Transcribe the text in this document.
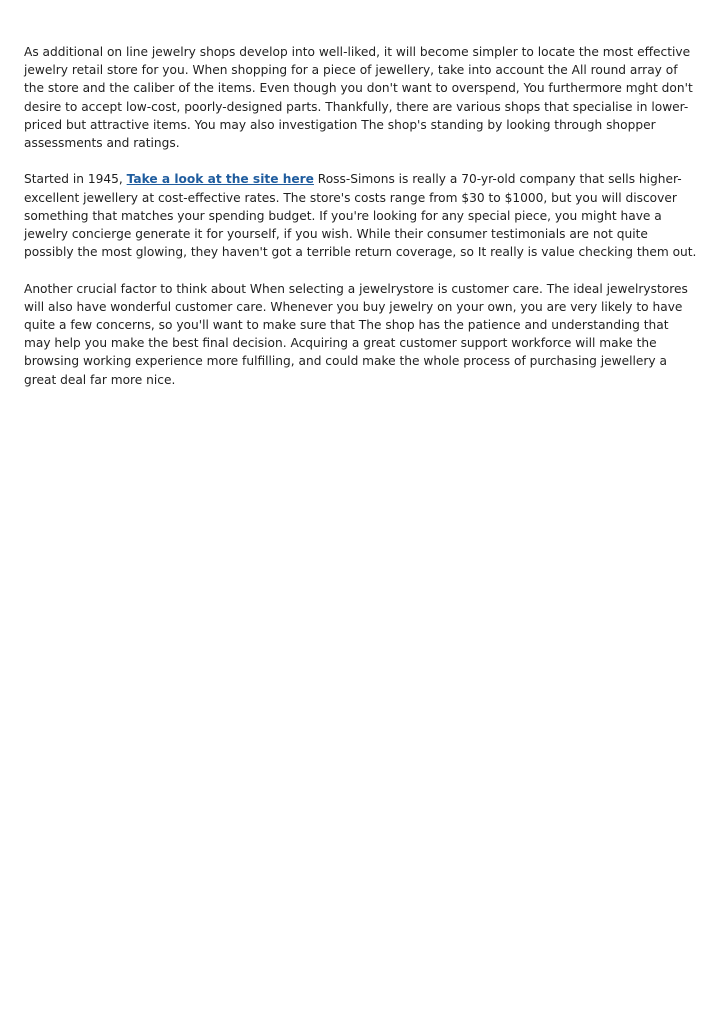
As additional on line jewelry shops develop into well-liked, it will become simpler to locate the most effective jewelry retail store for you. When shopping for a piece of jewellery, take into account the All round array of the store and the caliber of the items. Even though you don't want to overspend, You furthermore mght don't desire to accept low-cost, poorly-designed parts. Thankfully, there are various shops that specialise in lower-priced but attractive items. You may also investigation The shop's standing by looking through shopper assessments and ratings.

Started in 1945, Take a look at the site here Ross-Simons is really a 70-yr-old company that sells higher-excellent jewellery at cost-effective rates. The store's costs range from $30 to $1000, but you will discover something that matches your spending budget. If you're looking for any special piece, you might have a jewelry concierge generate it for yourself, if you wish. While their consumer testimonials are not quite possibly the most glowing, they haven't got a terrible return coverage, so It really is value checking them out.

Another crucial factor to think about When selecting a jewelrystore is customer care. The ideal jewelrystores will also have wonderful customer care. Whenever you buy jewelry on your own, you are very likely to have quite a few concerns, so you'll want to make sure that The shop has the patience and understanding that may help you make the best final decision. Acquiring a great customer support workforce will make the browsing working experience more fulfilling, and could make the whole process of purchasing jewellery a great deal far more nice.
